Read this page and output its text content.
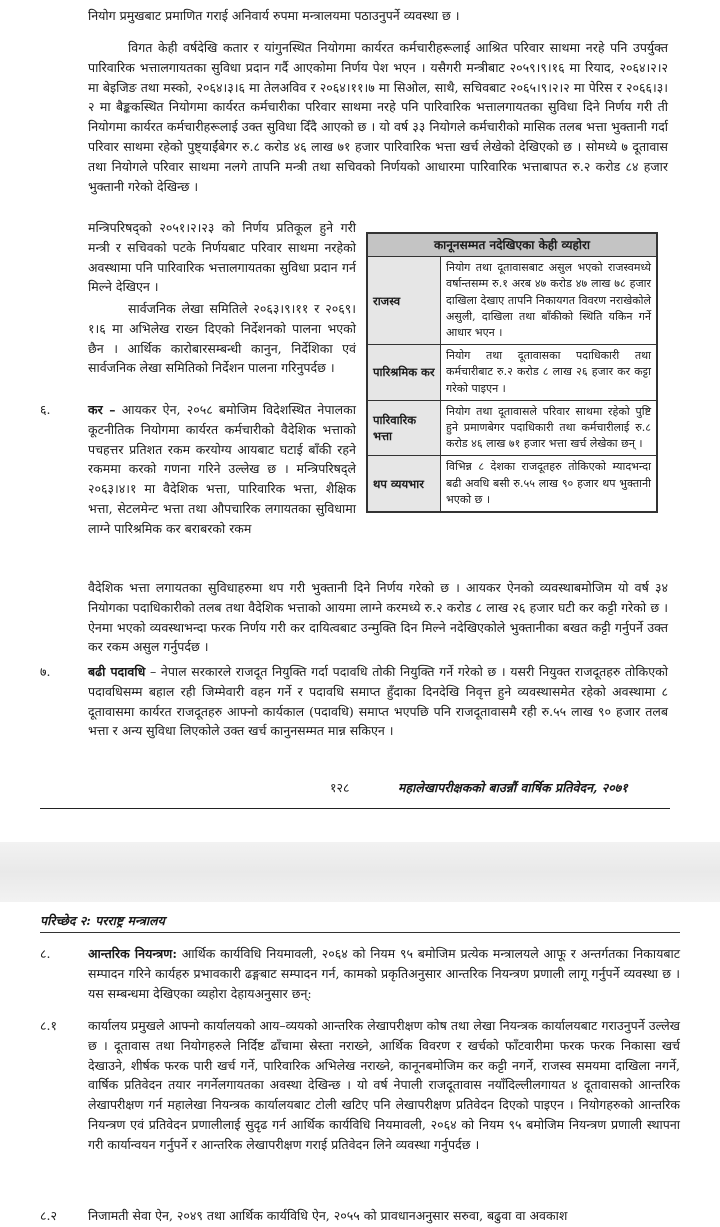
नियोग प्रमुखबाट प्रमाणित गराई अनिवार्य रुपमा मन्त्रालयमा पठाउनुपर्ने व्यवस्था छ ।

विगत केही वर्षदेखि कतार र यांगुनस्थित नियोगमा कार्यरत कर्मचारीहरूलाई आश्रित परिवार साथमा नरहे पनि उपर्युक्त पारिवारिक भत्तालगायतका सुविधा प्रदान गर्दै आएकोमा निर्णय पेश भएन । यसैगरी मन्त्रीबाट २०५९।९।१६ मा रियाद, २०६४।२।२ मा बेइजिङ तथा मस्को, २०६४।३।६ मा तेलअविव र २०६४।११।७ मा सिओल, साथै, सचिवबाट २०६५।९।२।२ मा पेरिस र २०६६।३।२ मा बैङ्ककस्थित नियोगमा कार्यरत कर्मचारीका परिवार साथमा नरहे पनि पारिवारिक भत्तालगायतका सुविधा दिने निर्णय गरी ती नियोगमा कार्यरत कर्मचारीहरूलाई उक्त सुविधा दिँदै आएको छ । यो वर्ष ३३ नियोगले कर्मचारीको मासिक तलब भत्ता भुक्तानी गर्दा परिवार साथमा रहेको पुष्ट्याईंबेगर रु.८ करोड ४६ लाख ७१ हजार पारिवारिक भत्ता खर्च लेखेको देखिएको छ । सोमध्ये ७ दूतावास तथा नियोगले परिवार साथमा नलगे तापनि मन्त्री तथा सचिवको निर्णयको आधारमा पारिवारिक भत्ताबापत रु.२ करोड ८४ हजार भुक्तानी गरेको देखिन्छ ।

मन्त्रिपरिषद्को २०५१।२।२३ को निर्णय प्रतिकूल हुने गरी मन्त्री र सचिवको पटके निर्णयबाट परिवार साथमा नरहेको अवस्थामा पनि पारिवारिक भत्तालगायतका सुविधा प्रदान गर्न मिल्ने देखिएन ।

सार्वजनिक लेखा समितिले २०६३।९।११ र २०६९।१।६ मा अभिलेख राख्न दिएको निर्देशनको पालना भएको छैन । आर्थिक कारोबारसम्बन्धी कानुन, निर्देशिका एवं सार्वजनिक लेखा समितिको निर्देशन पालना गरिनुपर्दछ ।

६.	कर – आयकर ऐन, २०५८ बमोजिम विदेशस्थित नेपालका कूटनीतिक नियोगमा कार्यरत कर्मचारीको वैदेशिक भत्ताको पचहत्तर प्रतिशत रकम करयोग्य आयबाट घटाई बाँकी रहने रकममा करको गणना गरिने उल्लेख छ । मन्त्रिपरिषद्ले २०६३।४।१ मा वैदेशिक भत्ता, पारिवारिक भत्ता, शैक्षिक भत्ता, सेटलमेन्ट भत्ता तथा औपचारिक लगायतका सुविधामा लाग्ने पारिश्रमिक कर बराबरको रकम

वैदेशिक भत्ता लगायतका सुविधाहरुमा थप गरी भुक्तानी दिने निर्णय गरेको छ । आयकर ऐनको व्यवस्थाबमोजिम यो वर्ष ३४ नियोगका पदाधिकारीको तलब तथा वैदेशिक भत्ताको आयमा लाग्ने करमध्ये रु.२ करोड ८ लाख २६ हजार घटी कर कट्टी गरेको छ । ऐनमा भएको व्यवस्थाभन्दा फरक निर्णय गरी कर दायित्वबाट उन्मुक्ति दिन मिल्ने नदेखिएकोले भुक्तानीका बखत कट्टी गर्नुपर्ने उक्त कर रकम असुल गर्नुपर्दछ ।

७.	बढी पदावधि – नेपाल सरकारले राजदूत नियुक्ति गर्दा पदावधि तोकी नियुक्ति गर्ने गरेको छ । यसरी नियुक्त राजदूतहरु तोकिएको पदावधिसम्म बहाल रही जिम्मेवारी वहन गर्ने र पदावधि समाप्त हुँदाका दिनदेखि निवृत्त हुने व्यवस्थासमेत रहेको अवस्थामा ८ दूतावासमा कार्यरत राजदूतहरु आफ्नो कार्यकाल (पदावधि) समाप्त भएपछि पनि राजदूतावासमै रही रु.५५ लाख ९० हजार तलब भत्ता र अन्य सुविधा लिएकोले उक्त खर्च कानुनसम्मत मान्न सकिएन ।

कानूनसम्मत नदेखिएका केही व्यहोरा	
राजस्व	नियोग तथा दूतावासबाट असुल भएको राजस्वमध्ये वर्षान्तसम्म रु.१ अरब ४७ करोड ४७ लाख ७८ हजार दाखिला देखाए तापनि निकायगत विवरण नराखेकोले असुली, दाखिला तथा बाँकीको स्थिति यकिन गर्ने आधार भएन ।
पारिश्रमिक कर	नियोग तथा दूतावासका पदाधिकारी तथा कर्मचारीबाट रु.२ करोड ८ लाख २६ हजार कर कट्टा गरेको पाइएन ।
पारिवारिक भत्ता	नियोग तथा दूतावासले परिवार साथमा रहेको पुष्टि हुने प्रमाणबेगर पदाधिकारी तथा कर्मचारीलाई रु.८ करोड ४६ लाख ७१ हजार भत्ता खर्च लेखेका छन् ।
थप व्ययभार	विभिन्न ८ देशका राजदूतहरु तोकिएको म्यादभन्दा बढी अवधि बसी रु.५५ लाख ९० हजार थप भुक्तानी भएको छ ।
१२८	महालेखापरीक्षकको बाउन्नौं वार्षिक प्रतिवेदन, २०७१
परिच्छेद २: परराष्ट्र मन्त्रालय
८.	आन्तरिक नियन्त्रण: आर्थिक कार्यविधि नियमावली, २०६४ को नियम ९५ बमोजिम प्रत्येक मन्त्रालयले आफू र अन्तर्गतका निकायबाट सम्पादन गरिने कार्यहरु प्रभावकारी ढङ्गबाट सम्पादन गर्न, कामको प्रकृतिअनुसार आन्तरिक नियन्त्रण प्रणाली लागू गर्नुपर्ने व्यवस्था छ । यस सम्बन्धमा देखिएका व्यहोरा देहायअनुसार छन्:

८.१ कार्यालय प्रमुखले आफ्नो कार्यालयको आय–व्ययको आन्तरिक लेखापरीक्षण कोष तथा लेखा नियन्त्रक कार्यालयबाट गराउनुपर्ने उल्लेख छ । दूतावास तथा नियोगहरुले निर्दिष्ट ढाँचामा स्रेस्ता नराख्ने, आर्थिक विवरण र खर्चको फाँटवारीमा फरक फरक निकासा खर्च देखाउने, शीर्षक फरक पारी खर्च गर्ने, पारिवारिक अभिलेख नराख्ने, कानूनबमोजिम कर कट्टी नगर्ने, राजस्व समयमा दाखिला नगर्ने, वार्षिक प्रतिवेदन तयार नगर्नेलगायतका अवस्था देखिन्छ । यो वर्ष नेपाली राजदूतावास नयाँदिल्लीलगायत ४ दूतावासको आन्तरिक लेखापरीक्षण गर्न महालेखा नियन्त्रक कार्यालयबाट टोली खटिए पनि लेखापरीक्षण प्रतिवेदन दिएको पाइएन । नियोगहरुको आन्तरिक नियन्त्रण एवं प्रतिवेदन प्रणालीलाई सुदृढ गर्न आर्थिक कार्यविधि नियमावली, २०६४ को नियम ९५ बमोजिम नियन्त्रण प्रणाली स्थापना गरी कार्यान्वयन गर्नुपर्ने र आन्तरिक लेखापरीक्षण गराई प्रतिवेदन लिने व्यवस्था गर्नुपर्दछ ।

८.२ निजामती सेवा ऐन, २०४९ तथा आर्थिक कार्यविधि ऐन, २०५५ को प्रावधानअनुसार सरुवा, बढुवा वा अवकाश
